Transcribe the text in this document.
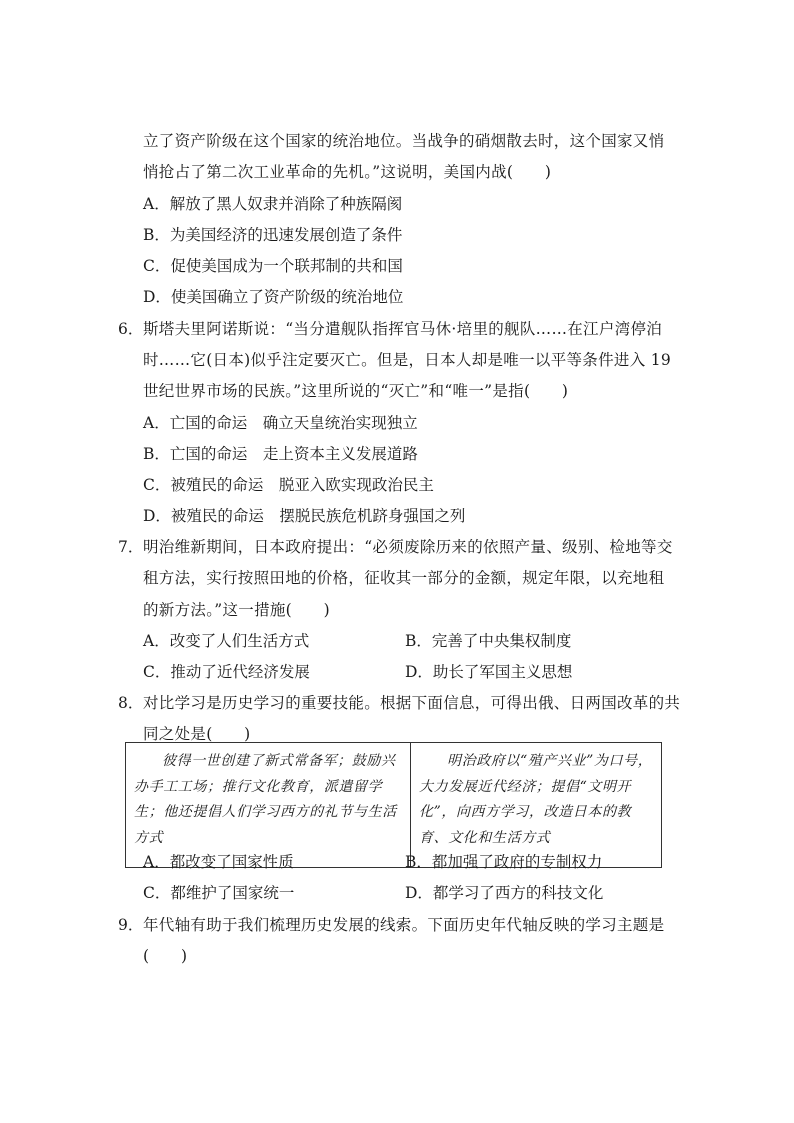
立了资产阶级在这个国家的统治地位。当战争的硝烟散去时，这个国家又悄
悄抢占了第二次工业革命的先机。”这说明，美国内战(　　)
A．解放了黑人奴隶并消除了种族隔阂
B．为美国经济的迅速发展创造了条件
C．促使美国成为一个联邦制的共和国
D．使美国确立了资产阶级的统治地位
6． 斯塔夫里阿诺斯说：“当分遣舰队指挥官马休·培里的舰队……在江户湾停泊
时……它(日本)似乎注定要灭亡。但是，日本人却是唯一以平等条件进入 19
世纪世界市场的民族。”这里所说的“灭亡”和“唯一”是指(　　)
A．亡国的命运　确立天皇统治实现独立
B．亡国的命运　走上资本主义发展道路
C．被殖民的命运　脱亚入欧实现政治民主
D．被殖民的命运　摆脱民族危机跻身强国之列
7． 明治维新期间，日本政府提出：“必须废除历来的依照产量、级别、检地等交
租方法，实行按照田地的价格，征收其一部分的金额，规定年限，以充地租
的新方法。”这一措施(　　)
A．改变了人们生活方式	B．完善了中央集权制度
C．推动了近代经济发展	D．助长了军国主义思想
8． 对比学习是历史学习的重要技能。根据下面信息，可得出俄、日两国改革的共
同之处是(　　)

彼得一世创建了新式常备军；鼓励兴办手工工场；推行文化教育，派遣留学生；他还提倡人们学习西方的礼节与生活方式

明治政府以“殖产兴业”为口号，大力发展近代经济；提倡“文明开化”，向西方学习，改造日本的教育、文化和生活方式

A．都改变了国家性质	B．都加强了政府的专制权力
C．都维护了国家统一	D．都学习了西方的科技文化
9． 年代轴有助于我们梳理历史发展的线索。下面历史年代轴反映的学习主题是
(　　)
